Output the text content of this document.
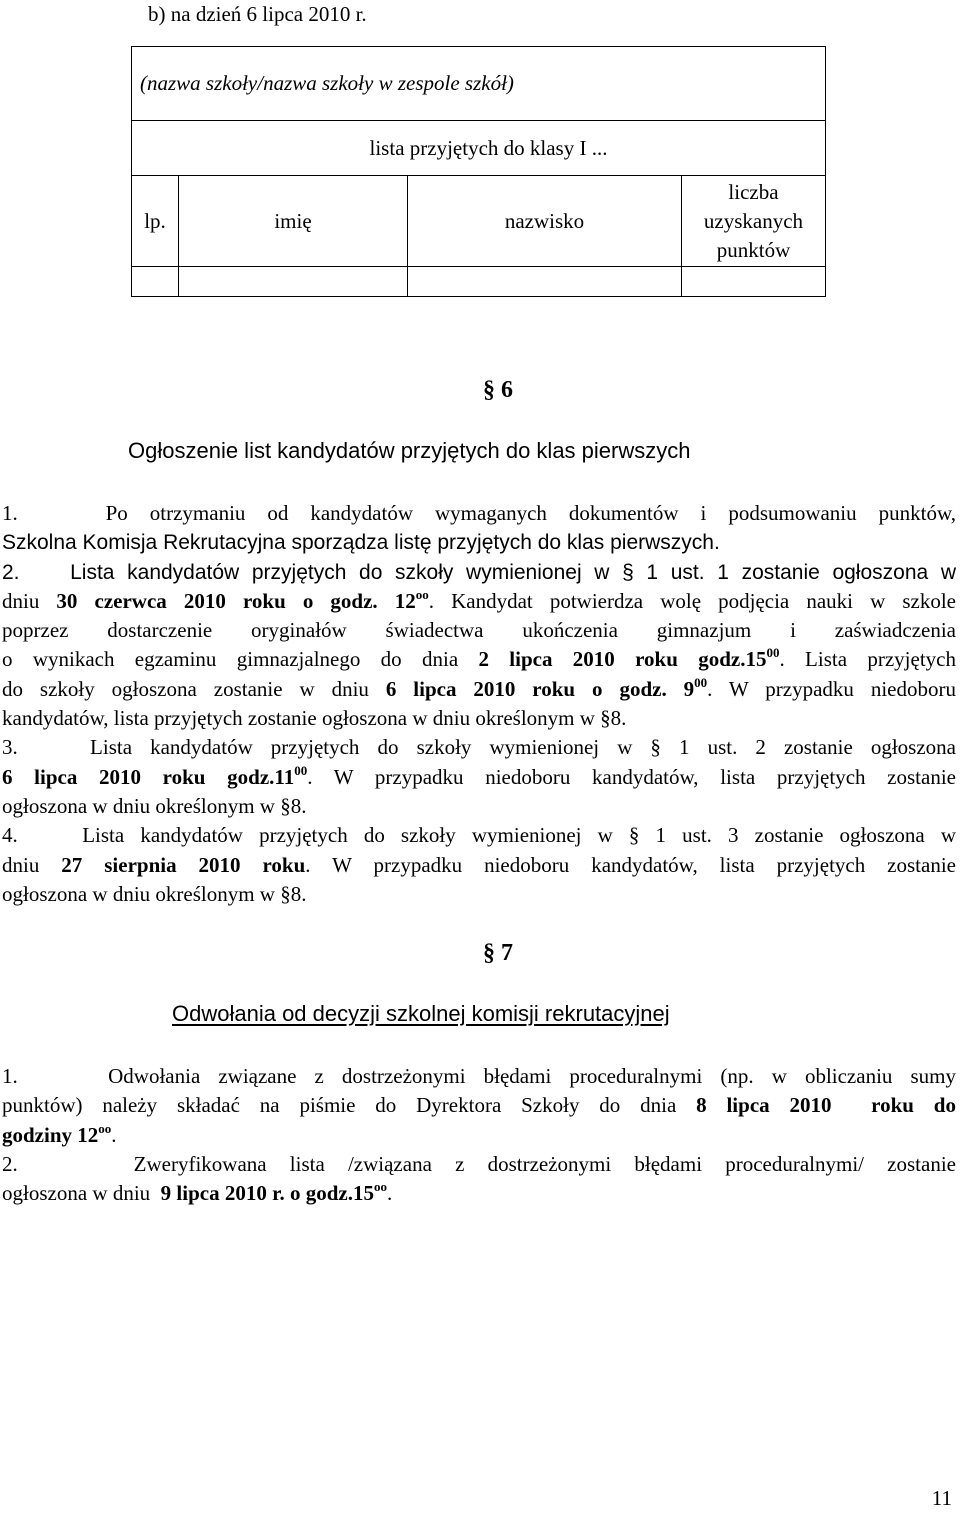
b) na dzień 6 lipca 2010 r.
(nazwa szkoły/nazwa szkoły w zespole szkół)			
lista przyjętych do klasy I ...			
lp.	imię	nazwisko	liczba
uzyskanych
punktów

§ 6
Ogłoszenie list kandydatów przyjętych do klas pierwszych
1.    Po otrzymaniu od kandydatów wymaganych dokumentów i podsumowaniu punktów,
Szkolna Komisja Rekrutacyjna sporządza listę przyjętych do klas pierwszych.
2.    Lista kandydatów przyjętych do szkoły wymienionej w § 1 ust. 1 zostanie ogłoszona w
dniu 30 czerwca 2010 roku o godz. $12^{oo}$. Kandydat potwierdza wolę podjęcia nauki w szkole
poprzez dostarczenie oryginałów świadectwa ukończenia gimnazjum i zaświadczenia
o wynikach egzaminu gimnazjalnego do dnia 2 lipca 2010 roku $godz.15^{00}$. Lista przyjętych
do szkoły ogłoszona zostanie w dniu 6 lipca 2010 roku o godz. $9^{00}$. W przypadku niedoboru
kandydatów, lista przyjętych zostanie ogłoszona w dniu określonym w §8.
3.    Lista kandydatów przyjętych do szkoły wymienionej w § 1 ust. 2 zostanie ogłoszona
6 lipca 2010 roku $godz.11^{00}$. W przypadku niedoboru kandydatów, lista przyjętych zostanie
ogłoszona w dniu określonym w §8.
4.    Lista kandydatów przyjętych do szkoły wymienionej w § 1 ust. 3 zostanie ogłoszona w
dniu 27 sierpnia 2010 roku. W przypadku niedoboru kandydatów, lista przyjętych zostanie
ogłoszona w dniu określonym w §8.
§ 7
Odwołania od decyzji szkolnej komisji rekrutacyjnej
1.     Odwołania związane z dostrzeżonymi błędami proceduralnymi (np. w obliczaniu sumy
punktów) należy składać na piśmie do Dyrektora Szkoły do dnia 8 lipca 2010  roku do
godziny $12^{oo}$.
2.     Zweryfikowana lista /związana z dostrzeżonymi błędami proceduralnymi/ zostanie
ogłoszona w dniu  9 lipca 2010 r. o $godz.15^{oo}$.
11
